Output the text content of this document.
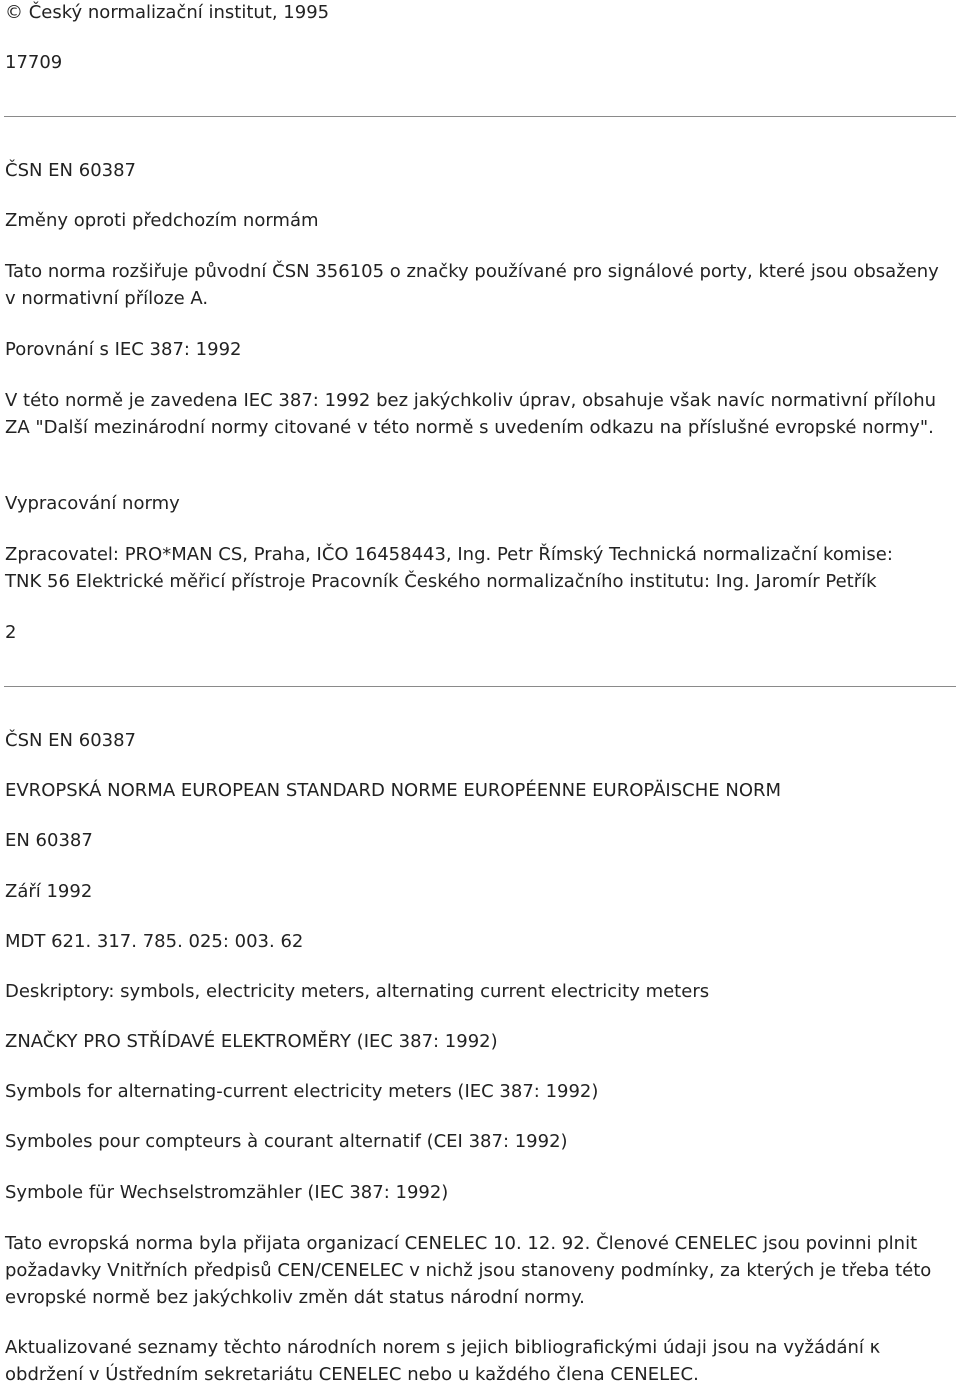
© Český normalizační institut, 1995

17709

ČSN EN 60387

Změny oproti předchozím normám

Tato norma rozšiřuje původní ČSN 356105 o značky používané pro signálové porty, které jsou obsaženy v normativní příloze A.

Porovnání s IEC 387: 1992

V této normě je zavedena IEC 387: 1992 bez jakýchkoliv úprav, obsahuje však navíc normativní přílohu ZA "Další mezinárodní normy citované v této normě s uvedením odkazu na příslušné evropské normy".

Vypracování normy

Zpracovatel: PRO*MAN CS, Praha, IČO 16458443, Ing. Petr Římský Technická normalizační komise:

TNK 56 Elektrické měřicí přístroje Pracovník Českého normalizačního institutu: Ing. Jaromír Petřík

2

ČSN EN 60387

EVROPSKÁ NORMA EUROPEAN STANDARD NORME EUROPÉENNE EUROPÄISCHE NORM

EN 60387

Září 1992

MDT 621. 317. 785. 025: 003. 62

Deskriptory: symbols, electricity meters, alternating current electricity meters

ZNAČKY PRO STŘÍDAVÉ ELEKTROMĚRY (IEC 387: 1992)

Symbols for alternating-current electricity meters (IEC 387: 1992)

Symboles pour compteurs à courant alternatif (CEI 387: 1992)

Symbole für Wechselstromzähler (IEC 387: 1992)

Tato evropská norma byla přijata organizací CENELEC 10. 12. 92. Členové CENELEC jsou povinni plnit požadavky Vnitřních předpisů CEN/CENELEC v nichž jsou stanoveny podmínky, za kterých je třeba této evropské normě bez jakýchkoliv změn dát status národní normy.

Aktualizované seznamy těchto národních norem s jejich bibliografickými údaji jsou na vyžádání κ obdržení v Ústředním sekretariátu CENELEC nebo u každého člena CENELEC.
